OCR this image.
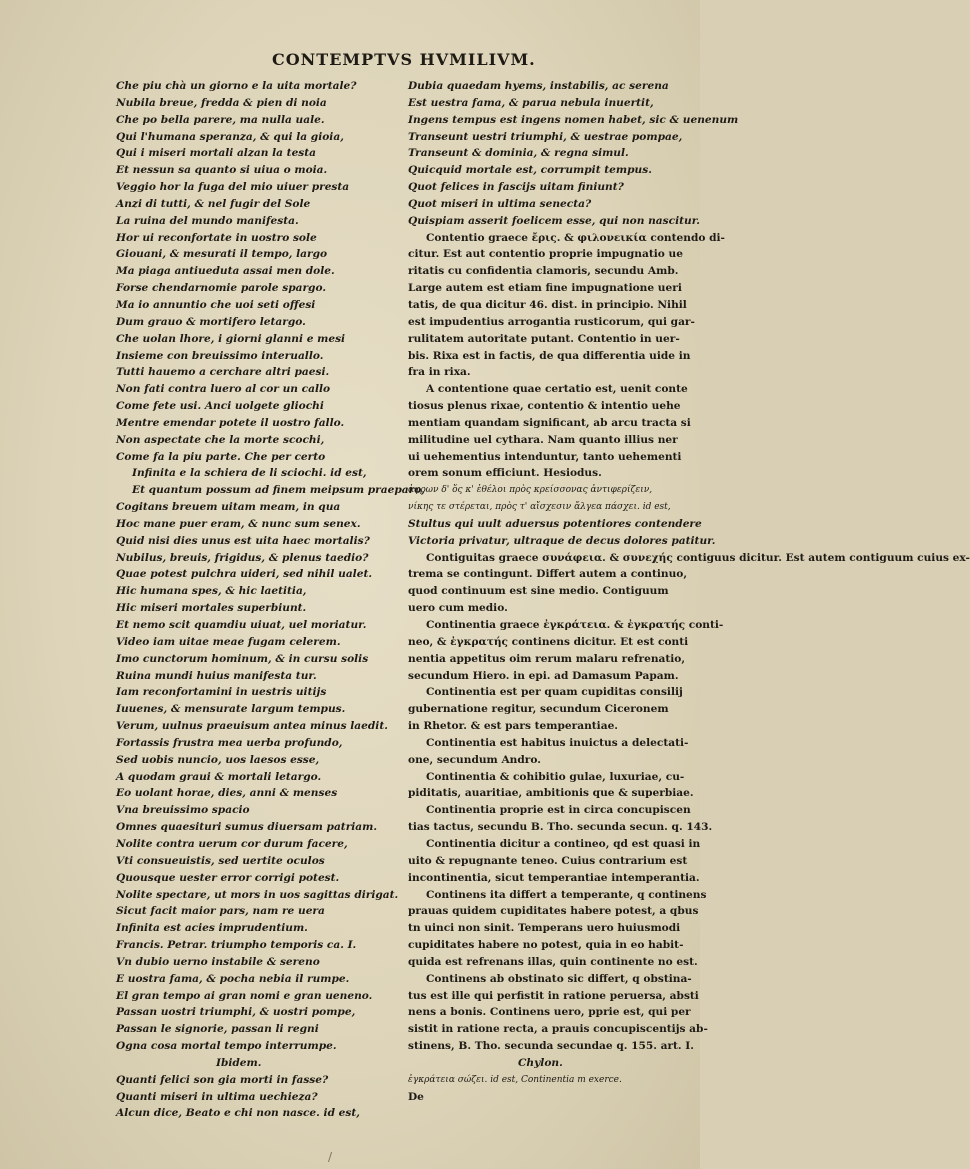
CONTEMPTVS HVMILIVM.
Che piu chà un giorno e la uita mortale?
Nubila breue, fredda & pien di noia
Che po bella parere, ma nulla uale.
Qui l'humana speranza, & qui la gioia,
Qui i miseri mortali alzan la testa
Et nessun sa quanto si uiua o moia.
Veggio hor la fuga del mio uiuer presta
Anzi di tutti, & nel fugir del Sole
La ruina del mundo manifesta.
Hor ui reconfortate in uostro sole
Giouani, & mesurati il tempo, largo
Ma piaga antiueduta assai men dole.
Forse chendarnomie parole spargo.
Ma io annuntio che uoi seti offesi
Dum grauo & mortifero letargo.
Che uolan lhore, i giorni glanni e mesi
Insieme con breuissimo interuallo.
Tutti hauemo a cerchare altri paesi.
Non fati contra luero al cor un callo
Come fete usi. Anci uolgete gliochi
Mentre emendar potete il uostro fallo.
Non aspectate che la morte scochi,
Come fa la piu parte. Che per certo
Infinita e la schiera de li sciochi. id est,
Et quantum possum ad finem meipsum praeparo,
Cogitans breuem uitam meam, in qua
Hoc mane puer eram, & nunc sum senex.
Quid nisi dies unus est uita haec mortalis?
Nubilus, breuis, frigidus, & plenus taedio?
Quae potest pulchra uideri, sed nihil ualet.
Hic humana spes, & hic laetitia,
Hic miseri mortales superbiunt.
Et nemo scit quamdiu uiuat, uel moriatur.
Video iam uitae meae fugam celerem.
Imo cunctorum hominum, & in cursu solis
Ruina mundi huius manifesta tur.
Iam reconfortamini in uestris uitijs
Iuuenes, & mensurate largum tempus.
Verum, uulnus praeuisum antea minus laedit.
Fortassis frustra mea uerba profundo,
Sed uobis nuncio, uos laesos esse,
A quodam graui & mortali letargo.
Eo uolant horae, dies, anni & menses
Vna breuissimo spacio
Omnes quaesituri sumus diuersam patriam.
Nolite contra uerum cor durum facere,
Vti consueuistis, sed uertite oculos
Quousque uester error corrigi potest.
Nolite spectare, ut mors in uos sagittas dirigat.
Sicut facit maior pars, nam re uera
Infinita est acies imprudentium.
Francis. Petrar. triumpho temporis ca. I.
Vn dubio uerno instabile & sereno
E uostra fama, & pocha nebia il rumpe.
El gran tempo ai gran nomi e gran ueneno.
Passan uostri triumphi, & uostri pompe,
Passan le signorie, passan li regni
Ogna cosa mortal tempo interrumpe.
Ibidem.
Quanti felici son gia morti in fasse?
Quanti miseri in ultima uechieza?
Alcun dice, Beato e chi non nasce. id est,
Dubia quaedam hyems, instabilis, ac serena
Est uestra fama, & parua nebula inuertit,
Ingens tempus est ingens nomen habet, sic & uenenum
Transeunt uestri triumphi, & uestrae pompae,
Transeunt & dominia, & regna simul.
Quicquid mortale est, corrumpit tempus.
Quot felices in fascijs uitam finiunt?
Quot miseri in ultima senecta?
Quispiam asserit foelicem esse, qui non nascitur.
Contentio graece ἔρις. & φιλονεικία contendo di-
citur. Est aut contentio proprie impugnatio ue
ritatis cu confidentia clamoris, secundu Amb.
Large autem est etiam fine impugnatione ueri
tatis, de qua dicitur 46. dist. in principio. Nihil
est impudentius arrogantia rusticorum, qui gar-
rulitatem autoritate putant. Contentio in uer-
bis. Rixa est in factis, de qua differentia uide in
fra in rixa.
A contentione quae certatio est, uenit conte
tiosus plenus rixae, contentio & intentio uehe
mentiam quandam significant, ab arcu tracta si
militudine uel cythara. Nam quanto illius ner
ui uehementius intenduntur, tanto uehementi
orem sonum efficiunt. Hesiodus.
ἀφρων δ' ὅς κ' ἐθέλοι πρὸς κρείσσονας ἀντιφερίζειν,
νίκης τε στέρεται, πρὸς τ' αἴσχεσιν ἄλγεα πάσχει. id est,
Stultus qui uult aduersus potentiores contendere
Victoria privatur, ultraque de decus dolores patitur.
Contiguitas graece συνάφεια. & συνεχής contiguus dicitur. Est autem contiguum cuius ex-
trema se contingunt. Differt autem a continuo,
quod continuum est sine medio. Contiguum
uero cum medio.
Continentia graece ἐγκράτεια. & ἐγκρατής conti-
neo, & ἐγκρατής continens dicitur. Et est conti
nentia appetitus oim rerum malaru refrenatio,
secundum Hiero. in epi. ad Damasum Papam.
Continentia est per quam cupiditas consilij
gubernatione regitur, secundum Ciceronem
in Rhetor. & est pars temperantiae.
Continentia est habitus inuictus a delectati-
one, secundum Andro.
Continentia & cohibitio gulae, luxuriae, cu-
piditatis, auaritiae, ambitionis que & superbiae.
Continentia proprie est in circa concupiscen
tias tactus, secundu B. Tho. secunda secun. q. 143.
Continentia dicitur a contineo, qd est quasi in
uito & repugnante teneo. Cuius contrarium est
incontinentia, sicut temperantiae intemperantia.
Continens ita differt a temperante, q continens
prauas quidem cupiditates habere potest, a qbus
tn uinci non sinit. Temperans uero huiusmodi
cupiditates habere no potest, quia in eo habit-
quida est refrenans illas, quin continente no est.
Continens ab obstinato sic differt, q obstina-
tus est ille qui perfistit in ratione peruersa, absti
nens a bonis. Continens uero, pprie est, qui per
sistit in ratione recta, a prauis concupiscentijs ab-
stinens, B. Tho. secunda secundae q. 155. art. I.
Chylon.
ἐγκράτεια σώζει. id est, Continentia m exerce.
De
/
